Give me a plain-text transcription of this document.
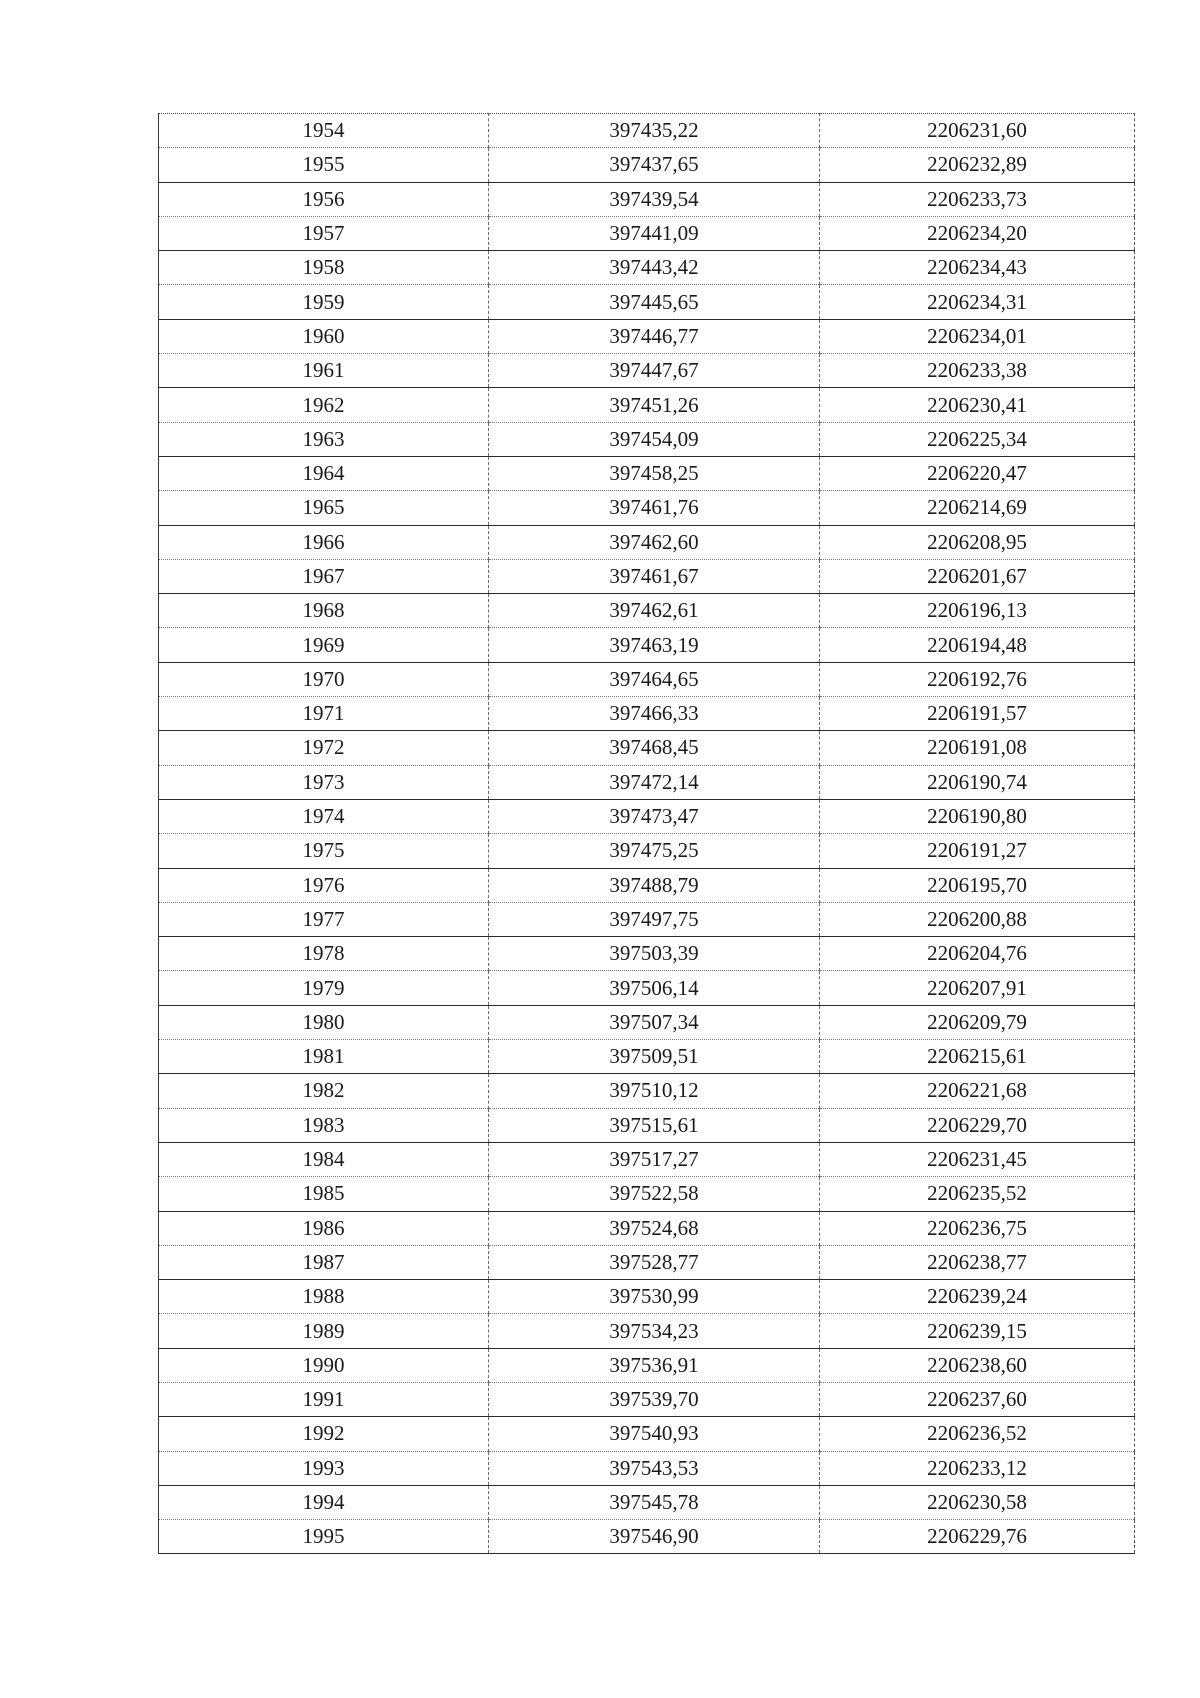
1954	397435,22	2206231,60
1955	397437,65	2206232,89
1956	397439,54	2206233,73
1957	397441,09	2206234,20
1958	397443,42	2206234,43
1959	397445,65	2206234,31
1960	397446,77	2206234,01
1961	397447,67	2206233,38
1962	397451,26	2206230,41
1963	397454,09	2206225,34
1964	397458,25	2206220,47
1965	397461,76	2206214,69
1966	397462,60	2206208,95
1967	397461,67	2206201,67
1968	397462,61	2206196,13
1969	397463,19	2206194,48
1970	397464,65	2206192,76
1971	397466,33	2206191,57
1972	397468,45	2206191,08
1973	397472,14	2206190,74
1974	397473,47	2206190,80
1975	397475,25	2206191,27
1976	397488,79	2206195,70
1977	397497,75	2206200,88
1978	397503,39	2206204,76
1979	397506,14	2206207,91
1980	397507,34	2206209,79
1981	397509,51	2206215,61
1982	397510,12	2206221,68
1983	397515,61	2206229,70
1984	397517,27	2206231,45
1985	397522,58	2206235,52
1986	397524,68	2206236,75
1987	397528,77	2206238,77
1988	397530,99	2206239,24
1989	397534,23	2206239,15
1990	397536,91	2206238,60
1991	397539,70	2206237,60
1992	397540,93	2206236,52
1993	397543,53	2206233,12
1994	397545,78	2206230,58
1995	397546,90	2206229,76
